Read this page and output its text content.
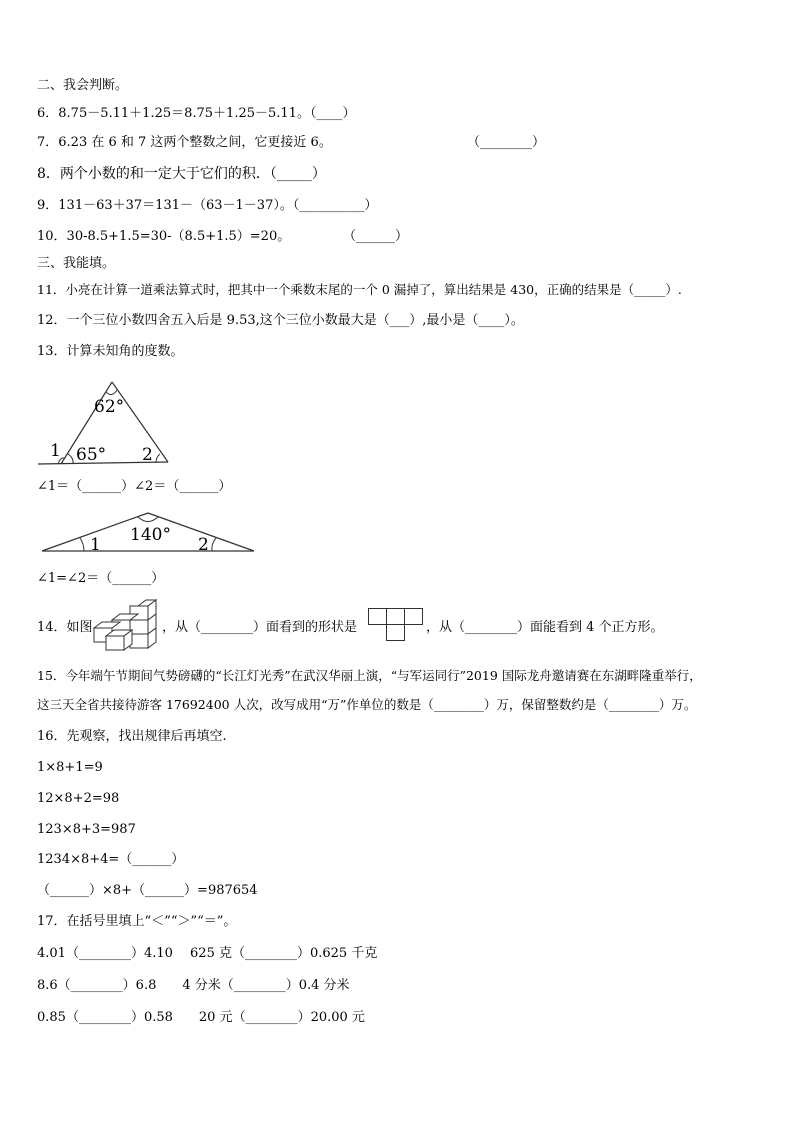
二、我会判断。
6．8.75－5.11＋1.25＝8.75＋1.25－5.11。（____）
7．6.23 在 6 和 7 这两个整数之间，它更接近 6。	（________）
8．两个小数的和一定大于它们的积．（_____）
9．131－63＋37＝131－（63－1－37）。（__________）
10．30-8.5+1.5=30-（8.5+1.5）=20。	（______）
三、我能填。
11．小亮在计算一道乘法算式时，把其中一个乘数末尾的一个 0 漏掉了，算出结果是 430，正确的结果是（_____）.
12．一个三位小数四舍五入后是 9.53,这个三位小数最大是（___）,最小是（____）。
13．计算未知角的度数。
62°
65°
1	2
∠1＝（______）∠2＝（______）
140°
1	2
∠1=∠2＝（______）
14．如图	，从（________）面看到的形状是	，从（________）面能看到 4 个正方形。
15．今年端午节期间气势磅礴的“长江灯光秀”在武汉华丽上演，“与军运同行”2019 国际龙舟邀请赛在东湖畔隆重举行，
这三天全省共接待游客 17692400 人次，改写成用“万”作单位的数是（________）万，保留整数约是（________）万。
16．先观察，找出规律后再填空.
1×8+1=9
12×8+2=98
123×8+3=987
1234×8+4=（______）
（______）×8+（______）=987654
17．在括号里填上“＜”“＞”“＝”。
4.01（________）4.10　 625 克（________）0.625 千克
8.6（________）6.8　　4 分米（________）0.4 分米
0.85（________）0.58　　20 元（________）20.00 元
